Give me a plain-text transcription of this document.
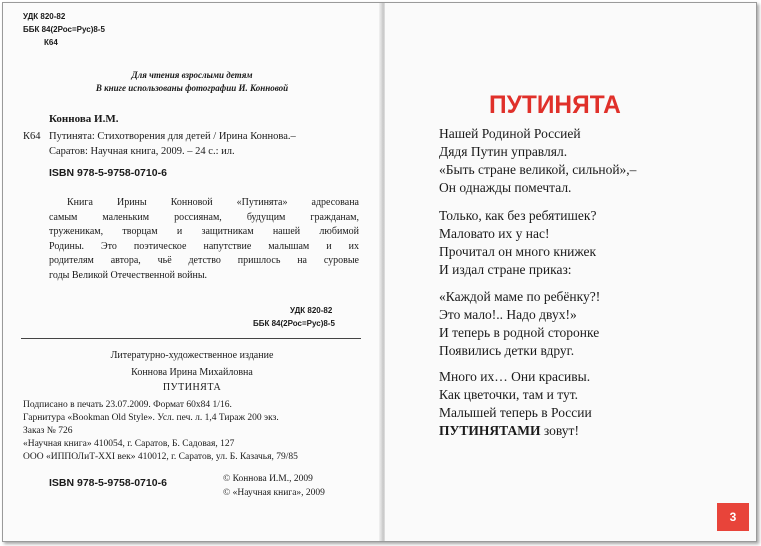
УДК 820-82
ББК 84(2Рос=Рус)8-5
К64
Для чтения взрослыми детям
В книге использованы фотографии И. Конновой
Коннова И.М.
К64 Путинята: Стихотворения для детей / Ирина Коннова.–
Саратов: Научная книга, 2009. – 24 с.: ил.
ISBN 978-5-9758-0710-6
Книга Ирины Конновой «Путинята» адресована
самым маленьким россиянам, будущим гражданам,
труженикам, творцам и защитникам нашей любимой
Родины. Это поэтическое напутствие малышам и их
родителям автора, чьё детство пришлось на суровые
годы Великой Отечественной войны.
УДК 820-82
ББК 84(2Рос=Рус)8-5
Литературно-художественное издание
Коннова Ирина Михайловна
ПУТИНЯТА
Подписано в печать 23.07.2009. Формат 60х84 1/16.
Гарнитура «Bookman Old Style». Усл. печ. л. 1,4 Тираж 200 экз.
Заказ № 726
«Научная книга» 410054, г. Саратов, Б. Садовая, 127
ООО «ИППОЛиТ-XXI век» 410012, г. Саратов, ул. Б. Казачья, 79/85
ISBN 978-5-9758-0710-6	© Коннова И.М., 2009
© «Научная книга», 2009
ПУТИНЯТА
Нашей Родиной Россией
Дядя Путин управлял.
«Быть стране великой, сильной»,–
Он однажды помечтал.
Только, как без ребятишек?
Маловато их у нас!
Прочитал он много книжек
И издал стране приказ:
«Каждой маме по ребёнку?!
Это мало!.. Надо двух!»
И теперь в родной сторонке
Появились детки вдруг.
Много их… Они красивы.
Как цветочки, там и тут.
Малышей теперь в России
ПУТИНЯТАМИ зовут!
3
